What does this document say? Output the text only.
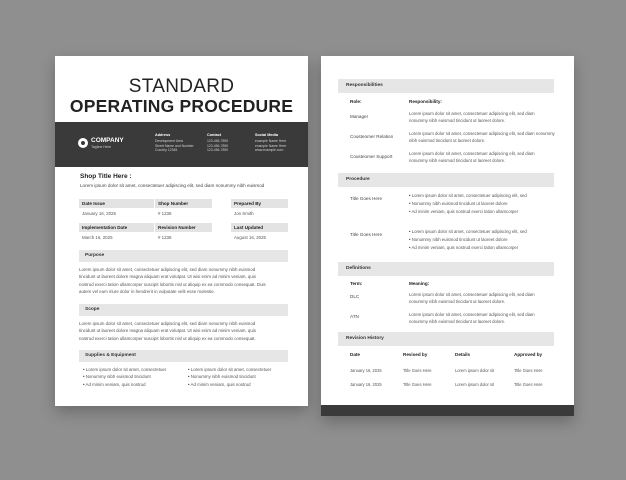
STANDARD
OPERATING PROCEDURE
COMPANY
Tagline Here
Address
Development Area
Street Name and Number
Country 12345
Contact
123-456-7890
123-456-7890
123-456-7890
Social Media
example Name Here
example Name Here
www.example.com
Shop Title Here :
Lorem ipsum dolor sit amet, consectetuer adipiscing elit, sed diam nonummy nibh euismod
Date Issue
January 16, 2025
Shop Number
# 1236
Prepared By
Jon Smith
Implementation Date
March 16, 2025
Revision Number
# 1236
Last Updated
August 16, 2025
Purpose
Lorem ipsum dolor sit amet, consectetuer adipiscing elit, sed diam nonummy nibh euismod
tincidunt ut laoreet dolore magna aliquam erat volutpat. Ut wisi enim ad minim veniam, quis
nostrud exerci tation ullamcorper suscipit lobortis nisl ut aliquip ex ea commodo consequat. Duis
autem vel eum iriure dolor in hendrerit in vulputate velit esse molestie.
Scope
Lorem ipsum dolor sit amet, consectetuer adipiscing elit, sed diam nonummy nibh euismod
tincidunt ut laoreet dolore magna aliquam erat volutpat. Ut wisi enim ad minim veniam, quis
nostrud exerci tation ullamcorper suscipit lobortis nisl ut aliquip ex ea commodo consequat.
Supplies & Equipment
• Lorem ipsum dolor sit amet, consectetuer
• Nonummy nibh euismod tincidunt
• Ad minim veniam, quis nostrud
• Lorem ipsum dolor sit amet, consectetuer
• Nonummy nibh euismod tincidunt
• Ad minim veniam, quis nostrud
Responsibilities
Role:	Responsibility:
Manager
Lorem ipsum dolor sit amet, consectetuer adipiscing elit, sed diam
nonummy nibh euismod tincidunt ut laoreet dolore.
Cousteomer Relation
Lorem ipsum dolor sit amet, consectetuer adipiscing elit, sed diam nonummy
nibh euismod tincidunt ut laoreet dolore.
Cousteomer Support
Lorem ipsum dolor sit amet, consectetuer adipiscing elit, sed diam
nonummy nibh euismod tincidunt ut laoreet dolore.
Procedure
Title Goes Here
• Lorem ipsum dolor sit amet, consectetuer adipiscing elit, sed
• Nonummy nibh euismod tincidunt ut laoreet dolore
• Ad minim veniam, quis nostrud exerci tation ullamcorper
Title Goes Here
• Lorem ipsum dolor sit amet, consectetuer adipiscing elit, sed
• Nonummy nibh euismod tincidunt ut laoreet dolore
• Ad minim veniam, quis nostrud exerci tation ullamcorper
Definitions
Term:	Meaning:
DLC	Lorem ipsum dolor sit amet, consectetuer adipiscing elit, sed diam
nonummy nibh euismod tincidunt ut laoreet dolore.
ATN	Lorem ipsum dolor sit amet, consectetuer adipiscing elit, sed diam
nonummy nibh euismod tincidunt ut laoreet dolore.
Revision History
Date	Revised by	Details	Approved by
January 16, 2025	Title Goes Here	Lorem ipsum dolor sit	Title Goes Here
January 16, 2025	Title Goes Here	Lorem ipsum dolor sit	Title Goes Here
